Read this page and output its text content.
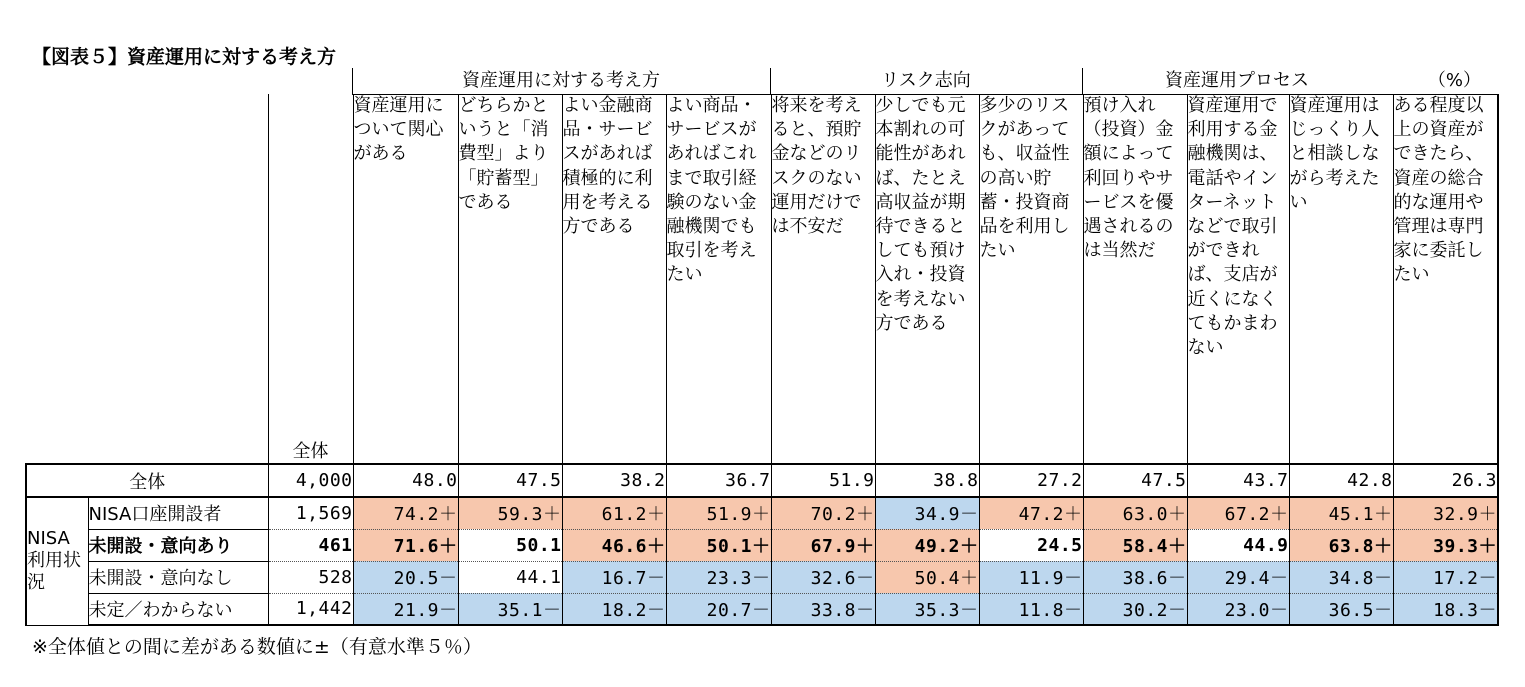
【図表５】資産運用に対する考え方
資産運用に対する考え方	リスク志向	資産運用プロセス	（%）
		全体	資産運用について関心がある	どちらかというと「消費型」より「貯蓄型」である	よい金融商品・サービスがあれば積極的に利用を考える方である	よい商品・サービスがあればこれまで取引経験のない金融機関でも取引を考えたい	将来を考えると、預貯金などのリスクのない運用だけでは不安だ	少しでも元本割れの可能性があれば、たとえ高収益が期待できるとしても預け入れ・投資を考えない方である	多少のリスクがあっても、収益性の高い貯蓄・投資商品を利用したい	預け入れ（投資）金額によって利回りやサービスを優遇されるのは当然だ	資産運用で利用する金融機関は、電話やインターネットなどで取引ができれば、支店が近くになくてもかまわない	資産運用はじっくり人と相談しながら考えたい	ある程度以上の資産ができたら、資産の総合的な運用や管理は専門家に委託したい
全体		4,000	48.0	47.5	38.2	36.7	51.9	38.8	27.2	47.5	43.7	42.8	26.3
NISA利用状況	NISA口座開設者	1,569	74.2＋	59.3＋	61.2＋	51.9＋	70.2＋	34.9－	47.2＋	63.0＋	67.2＋	45.1＋	32.9＋
	未開設・意向あり	461	71.6＋	50.1	46.6＋	50.1＋	67.9＋	49.2＋	24.5	58.4＋	44.9	63.8＋	39.3＋
	未開設・意向なし	528	20.5－	44.1	16.7－	23.3－	32.6－	50.4＋	11.9－	38.6－	29.4－	34.8－	17.2－
	未定／わからない	1,442	21.9－	35.1－	18.2－	20.7－	33.8－	35.3－	11.8－	30.2－	23.0－	36.5－	18.3－
※全体値との間に差がある数値に±（有意水準５％）
